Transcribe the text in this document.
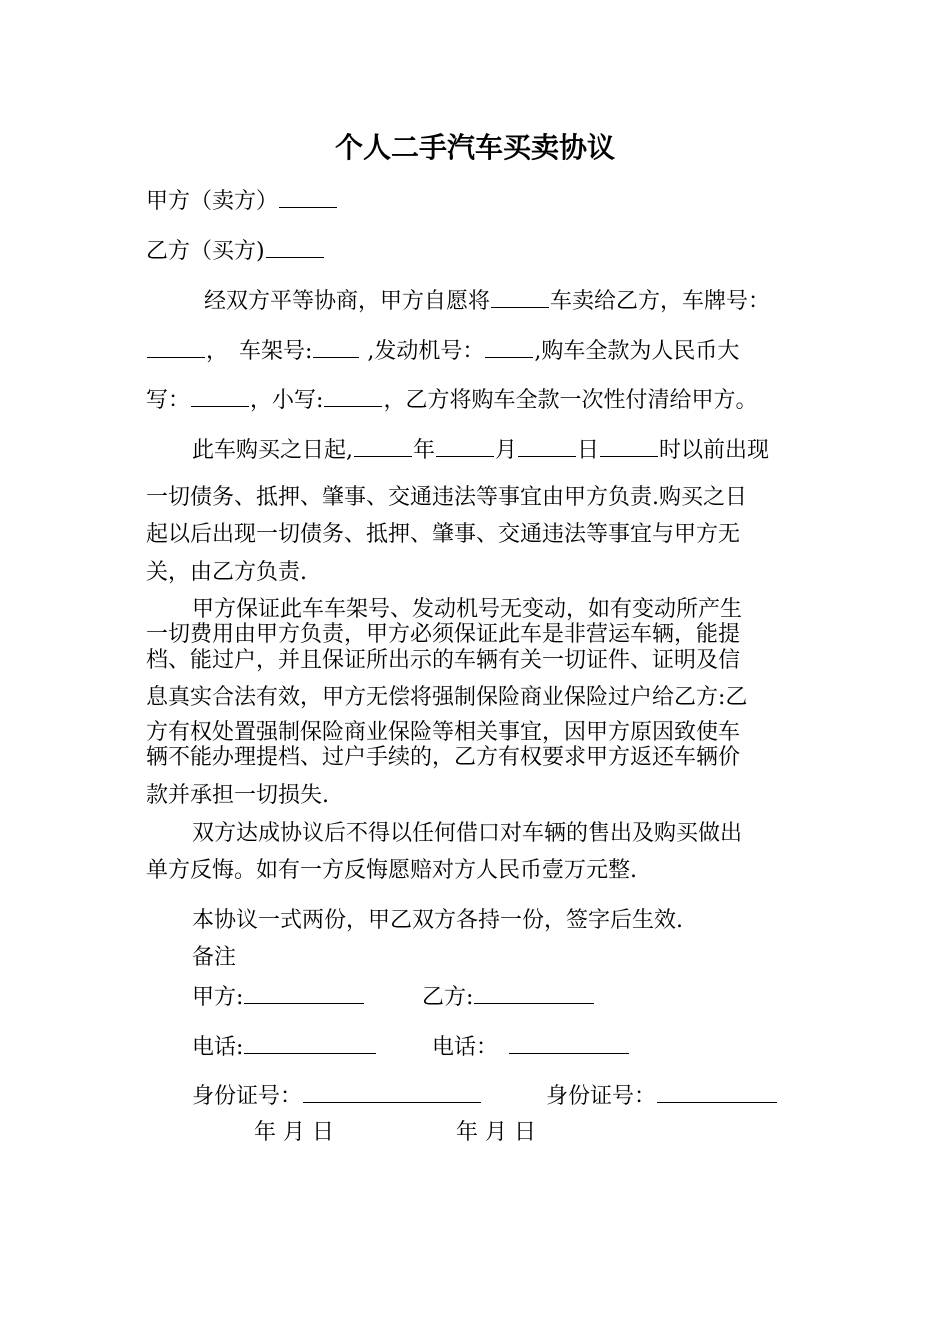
个人二手汽车买卖协议
甲方（卖方）
乙方（买方)
经双方平等协商，甲方自愿将	车卖给乙方，车牌号：
，　车架号: ,发动机号： ,购车全款为人民币大
写：	，小写:	，乙方将购车全款一次性付清给甲方。
此车购买之日起,	年	月	日	时以前出现
一切债务、抵押、肇事、交通违法等事宜由甲方负责.购买之日
起以后出现一切债务、抵押、肇事、交通违法等事宜与甲方无
关，由乙方负责.
甲方保证此车车架号、发动机号无变动，如有变动所产生
一切费用由甲方负责，甲方必须保证此车是非营运车辆，能提
档、能过户，并且保证所出示的车辆有关一切证件、证明及信
息真实合法有效，甲方无偿将强制保险商业保险过户给乙方:乙
方有权处置强制保险商业保险等相关事宜，因甲方原因致使车
辆不能办理提档、过户手续的，乙方有权要求甲方返还车辆价
款并承担一切损失.
双方达成协议后不得以任何借口对车辆的售出及购买做出
单方反悔。如有一方反悔愿赔对方人民币壹万元整.
本协议一式两份，甲乙双方各持一份，签字后生效.
备注
甲方:	乙方:
电话:	电话：
身份证号：	身份证号：
年 月 日	年 月 日
